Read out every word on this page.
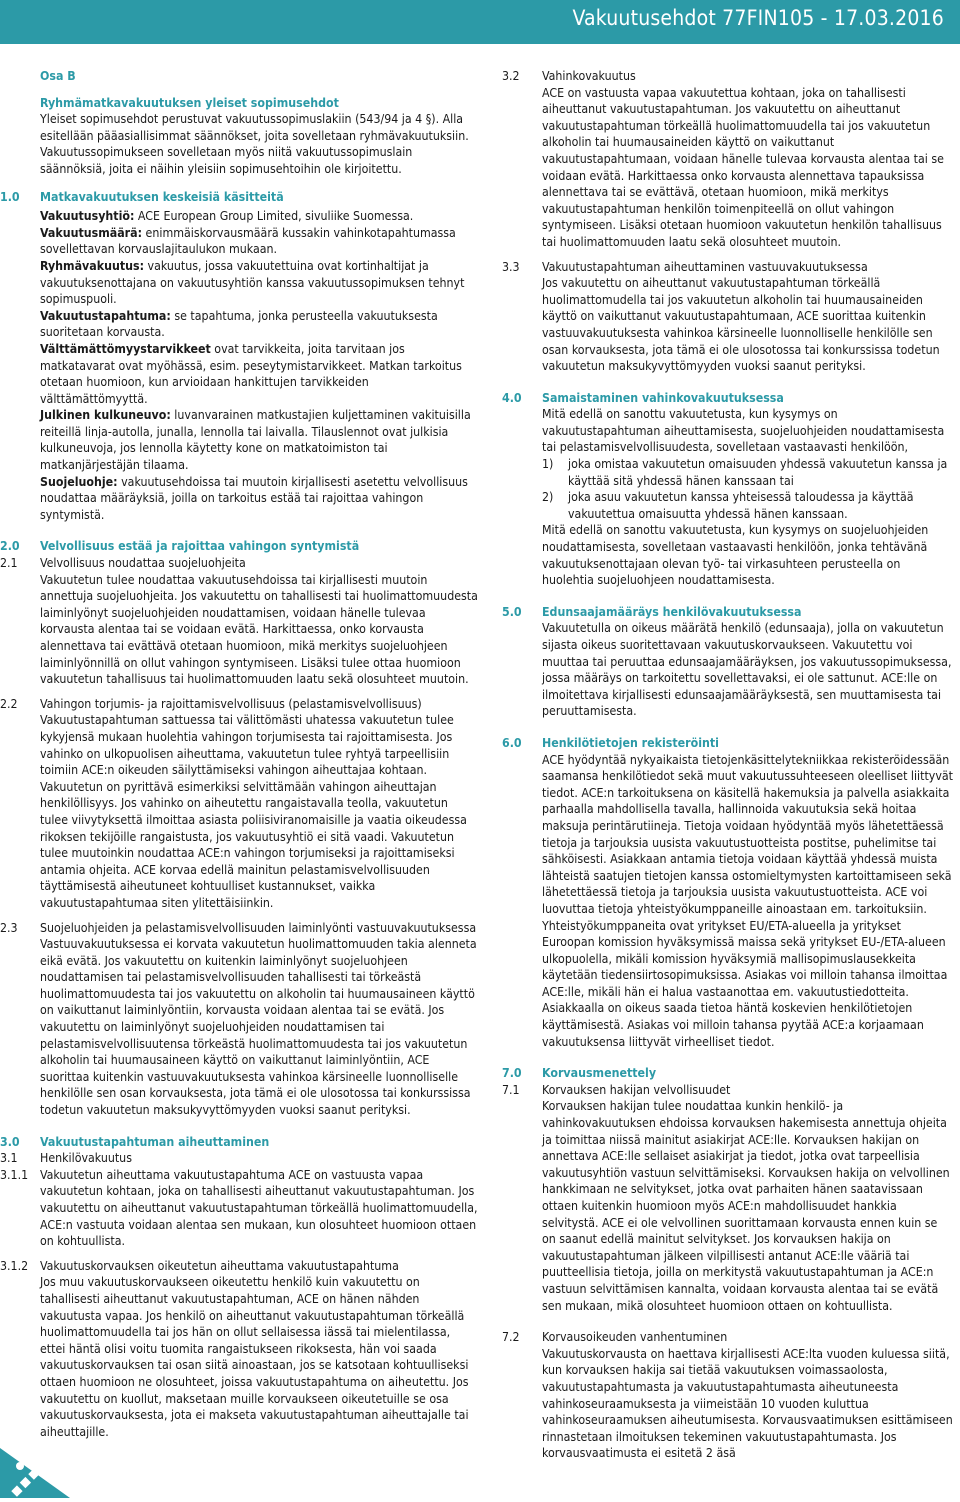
Vakuutusehdot 77FIN105 - 17.03.2016
Osa B
Ryhmämatkavakuutuksen yleiset sopimusehdot
Yleiset sopimusehdot perustuvat vakuutussopimuslakiin (543/94 ja 4 §). Alla esitellään pääasiallisimmat säännökset, joita sovelletaan ryhmävakuutuksiin. Vakuutussopimukseen sovelletaan myös niitä vakuutussopimuslain säännöksiä, joita ei näihin yleisiin sopimusehtoihin ole kirjoitettu.
1.0 Matkavakuutuksen keskeisiä käsitteitä
Vakuutusyhtiö: ACE European Group Limited, sivuliike Suomessa.
Vakuutusmäärä: enimmäiskorvausmäärä kussakin vahinkotapahtumassa sovellettavan korvauslajitaulukon mukaan.
Ryhmävakuutus: vakuutus, jossa vakuutettuina ovat kortinhaltijat ja vakuutuksenottajana on vakuutusyhtiön kanssa vakuutussopimuksen tehnyt sopimuspuoli.
Vakuutustapahtuma: se tapahtuma, jonka perusteella vakuutuksesta suoritetaan korvausta.
Välttämättömyystarvikkeet ovat tarvikkeita, joita tarvitaan jos matkatavarat ovat myöhässä, esim. peseytymistarvikkeet. Matkan tarkoitus otetaan huomioon, kun arvioidaan hankittujen tarvikkeiden välttämättömyyttä.
Julkinen kulkuneuvo: luvanvarainen matkustajien kuljettaminen vakituisilla reiteillä linja-autolla, junalla, lennolla tai laivalla. Tilauslennot ovat julkisia kulkuneuvoja, jos lennolla käytetty kone on matkatoimiston tai matkanjärjestäjän tilaama.
Suojeluohje: vakuutusehdoissa tai muutoin kirjallisesti asetettu velvollisuus noudattaa määräyksiä, joilla on tarkoitus estää tai rajoittaa vahingon syntymistä.
2.0 Velvollisuus estää ja rajoittaa vahingon syntymistä
2.1 Velvollisuus noudattaa suojeluohjeita
Vakuutetun tulee noudattaa vakuutusehdoissa tai kirjallisesti muutoin annettuja suojeluohjeita. Jos vakuutettu on tahallisesti tai huolimattomuudesta laiminlyönyt suojeluohjeiden noudattamisen, voidaan hänelle tulevaa korvausta alentaa tai se voidaan evätä. Harkittaessa, onko korvausta alennettava tai evättävä otetaan huomioon, mikä merkitys suojeluohjeen laiminlyönnillä on ollut vahingon syntymiseen. Lisäksi tulee ottaa huomioon vakuutetun tahallisuus tai huolimattomuuden laatu sekä olosuhteet muutoin.
2.2 Vahingon torjumis- ja rajoittamisvelvollisuus (pelastamisvelvollisuus)
Vakuutustapahtuman sattuessa tai välittömästi uhatessa vakuutetun tulee kykyjensä mukaan huolehtia vahingon torjumisesta tai rajoittamisesta. Jos vahinko on ulkopuolisen aiheuttama, vakuutetun tulee ryhtyä tarpeellisiin toimiin ACE:n oikeuden säilyttämiseksi vahingon aiheuttajaa kohtaan. Vakuutetun on pyrittävä esimerkiksi selvittämään vahingon aiheuttajan henkilöllisyys. Jos vahinko on aiheutettu rangaistavalla teolla, vakuutetun tulee viivytyksettä ilmoittaa asiasta poliisiviranomaisille ja vaatia oikeudessa rikoksen tekijöille rangaistusta, jos vakuutusyhtiö ei sitä vaadi. Vakuutetun tulee muutoinkin noudattaa ACE:n vahingon torjumiseksi ja rajoittamiseksi antamia ohjeita. ACE korvaa edellä mainitun pelastamisvelvollisuuden täyttämisestä aiheutuneet kohtuulliset kustannukset, vaikka vakuutustapahtumaa siten ylitettäisiinkin.
2.3 Suojeluohjeiden ja pelastamisvelvollisuuden laiminlyönti vastuuvakuutuksessa
Vastuuvakuutuksessa ei korvata vakuutetun huolimattomuuden takia alenneta eikä evätä. Jos vakuutettu on kuitenkin laiminlyönyt suojeluohjeen noudattamisen tai pelastamisvelvollisuuden tahallisesti tai törkeästä huolimattomuudesta tai jos vakuutettu on alkoholin tai huumausaineen käyttö on vaikuttanut laiminlyöntiin, korvausta voidaan alentaa tai se evätä. Jos vakuutettu on laiminlyönyt suojeluohjeiden noudattamisen tai pelastamisvelvollisuutensa törkeästä huolimattomuudesta tai jos vakuutetun alkoholin tai huumausaineen käyttö on vaikuttanut laiminlyöntiin, ACE suorittaa kuitenkin vastuuvakuutuksesta vahinkoa kärsineelle luonnolliselle henkilölle sen osan korvauksesta, jota tämä ei ole ulosotossa tai konkurssissa todetun vakuutetun maksukyvyttömyyden vuoksi saanut perityksi.
3.0 Vakuutustapahtuman aiheuttaminen
3.1 Henkilövakuutus
3.1.1 Vakuutetun aiheuttama vakuutustapahtuma ACE on vastuusta vapaa
vakuutetun kohtaan, joka on tahallisesti aiheuttanut vakuutustapahtuman. Jos vakuutettu on aiheuttanut vakuutustapahtuman törkeällä huolimattomuudella, ACE:n vastuuta voidaan alentaa sen mukaan, kun olosuhteet huomioon ottaen on kohtuullista.
3.1.2 Vakuutuskorvauksen oikeutetun aiheuttama vakuutustapahtuma
Jos muu vakuutuskorvaukseen oikeutettu henkilö kuin vakuutettu on tahallisesti aiheuttanut vakuutustapahtuman, ACE on hänen nähden vakuutusta vapaa. Jos henkilö on aiheuttanut vakuutustapahtuman törkeällä huolimattomuudella tai jos hän on ollut sellaisessa iässä tai mielentilassa, ettei häntä olisi voitu tuomita rangaistukseen rikoksesta, hän voi saada vakuutuskorvauksen tai osan siitä ainoastaan, jos se katsotaan kohtuulliseksi ottaen huomioon ne olosuhteet, joissa vakuutustapahtuma on aiheutettu. Jos vakuutettu on kuollut, maksetaan muille korvaukseen oikeutetuille se osa vakuutuskorvauksesta, jota ei makseta vakuutustapahtuman aiheuttajalle tai aiheuttajille.
3.2 Vahinkovakuutus
ACE on vastuusta vapaa vakuutettua kohtaan, joka on tahallisesti aiheuttanut vakuutustapahtuman. Jos vakuutettu on aiheuttanut vakuutustapahtuman törkeällä huolimattomuudella tai jos vakuutetun alkoholin tai huumausaineiden käyttö on vaikuttanut vakuutustapahtumaan, voidaan hänelle tulevaa korvausta alentaa tai se voidaan evätä. Harkittaessa onko korvausta alennettava tapauksissa alennettava tai se evättävä, otetaan huomioon, mikä merkitys vakuutustapahtuman henkilön toimenpiteellä on ollut vahingon syntymiseen. Lisäksi otetaan huomioon vakuutetun henkilön tahallisuus tai huolimattomuuden laatu sekä olosuhteet muutoin.
3.3 Vakuutustapahtuman aiheuttaminen vastuuvakuutuksessa
Jos vakuutettu on aiheuttanut vakuutustapahtuman törkeällä huolimattomudella tai jos vakuutetun alkoholin tai huumausaineiden käyttö on vaikuttanut vakuutustapahtumaan, ACE suorittaa kuitenkin vastuuvakuutuksesta vahinkoa kärsineelle luonnolliselle henkilölle sen osan korvauksesta, jota tämä ei ole ulosotossa tai konkurssissa todetun vakuutetun maksukyvyttömyyden vuoksi saanut perityksi.
4.0 Samaistaminen vahinkovakuutuksessa
Mitä edellä on sanottu vakuutetusta, kun kysymys on vakuutustapahtuman aiheuttamisesta, suojeluohjeiden noudattamisesta tai pelastamisvelvollisuudesta, sovelletaan vastaavasti henkilöön,
1) joka omistaa vakuutetun omaisuuden yhdessä vakuutetun kanssa ja käyttää sitä yhdessä hänen kanssaan tai
2) joka asuu vakuutetun kanssa yhteisessä taloudessa ja käyttää vakuutettua omaisuutta yhdessä hänen kanssaan.
Mitä edellä on sanottu vakuutetusta, kun kysymys on suojeluohjeiden noudattamisesta, sovelletaan vastaavasti henkilöön, jonka tehtävänä vakuutuksenottajaan olevan työ- tai virkasuhteen perusteella on huolehtia suojeluohjeen noudattamisesta.
5.0 Edunsaajamääräys henkilövakuutuksessa
Vakuutetulla on oikeus määrätä henkilö (edunsaaja), jolla on vakuutetun sijasta oikeus suoritettavaan vakuutuskorvaukseen. Vakuutettu voi muuttaa tai peruuttaa edunsaajamääräyksen, jos vakuutussopimuksessa, jossa määräys on tarkoitettu sovellettavaksi, ei ole sattunut. ACE:lle on ilmoitettava kirjallisesti edunsaajamääräyksestä, sen muuttamisesta tai peruuttamisesta.
6.0 Henkilötietojen rekisteröinti
ACE hyödyntää nykyaikaista tietojenkäsittelytekniikkaa rekisteröidessään saamansa henkilötiedot sekä muut vakuutussuhteeseen oleelliset liittyvät tiedot. ACE:n tarkoituksena on käsitellä hakemuksia ja palvella asiakkaita parhaalla mahdollisella tavalla, hallinnoida vakuutuksia sekä hoitaa maksuja perintärutiineja. Tietoja voidaan hyödyntää myös lähetettäessä tietoja ja tarjouksia uusista vakuutustuotteista postitse, puhelimitse tai sähköisesti. Asiakkaan antamia tietoja voidaan käyttää yhdessä muista lähteistä saatujen tietojen kanssa ostomieltymysten kartoittamiseen sekä lähetettäessä tietoja ja tarjouksia uusista vakuutustuotteista. ACE voi luovuttaa tietoja yhteistyökumppaneille ainoastaan em. tarkoituksiin. Yhteistyökumppaneita ovat yritykset EU/ETA-alueella ja yritykset Euroopan komission hyväksymissä maissa sekä yritykset EU-/ETA-alueen ulkopuolella, mikäli komission hyväksymiä mallisopimuslausekkeita käytetään tiedensiirtosopimuksissa. Asiakas voi milloin tahansa ilmoittaa ACE:lle, mikäli hän ei halua vastaanottaa em. vakuutustiedotteita. Asiakkaalla on oikeus saada tietoa häntä koskevien henkilötietojen käyttämisestä. Asiakas voi milloin tahansa pyytää ACE:a korjaamaan vakuutuksensa liittyvät virheelliset tiedot.
7.0 Korvausmenettely
7.1 Korvauksen hakijan velvollisuudet
Korvauksen hakijan tulee noudattaa kunkin henkilö- ja vahinkovakuutuksen ehdoissa korvauksen hakemisesta annettuja ohjeita ja toimittaa niissä mainitut asiakirjat ACE:lle. Korvauksen hakijan on annettava ACE:lle sellaiset asiakirjat ja tiedot, jotka ovat tarpeellisia vakuutusyhtiön vastuun selvittämiseksi. Korvauksen hakija on velvollinen hankkimaan ne selvitykset, jotka ovat parhaiten hänen saatavissaan ottaen kuitenkin huomioon myös ACE:n mahdollisuudet hankkia selvitystä. ACE ei ole velvollinen suorittamaan korvausta ennen kuin se on saanut edellä mainitut selvitykset. Jos korvauksen hakija on vakuutustapahtuman jälkeen vilpillisesti antanut ACE:lle vääriä tai puutteellisia tietoja, joilla on merkitystä vakuutustapahtuman ja ACE:n vastuun selvittämisen kannalta, voidaan korvausta alentaa tai se evätä sen mukaan, mikä olosuhteet huomioon ottaen on kohtuullista.
7.2 Korvausoikeuden vanhentuminen
Vakuutuskorvausta on haettava kirjallisesti ACE:lta vuoden kuluessa siitä, kun korvauksen hakija sai tietää vakuutuksen voimassaolosta, vakuutustapahtumasta ja vakuutustapahtumasta aiheutuneesta vahinkoseuraamuksesta ja viimeistään 10 vuoden kuluttua vahinkoseuraamuksen aiheutumisesta. Korvausvaatimuksen esittämiseen rinnastetaan ilmoituksen tekeminen vakuutustapahtumasta. Jos korvausvaatimusta ei esitetä 2 äsä
